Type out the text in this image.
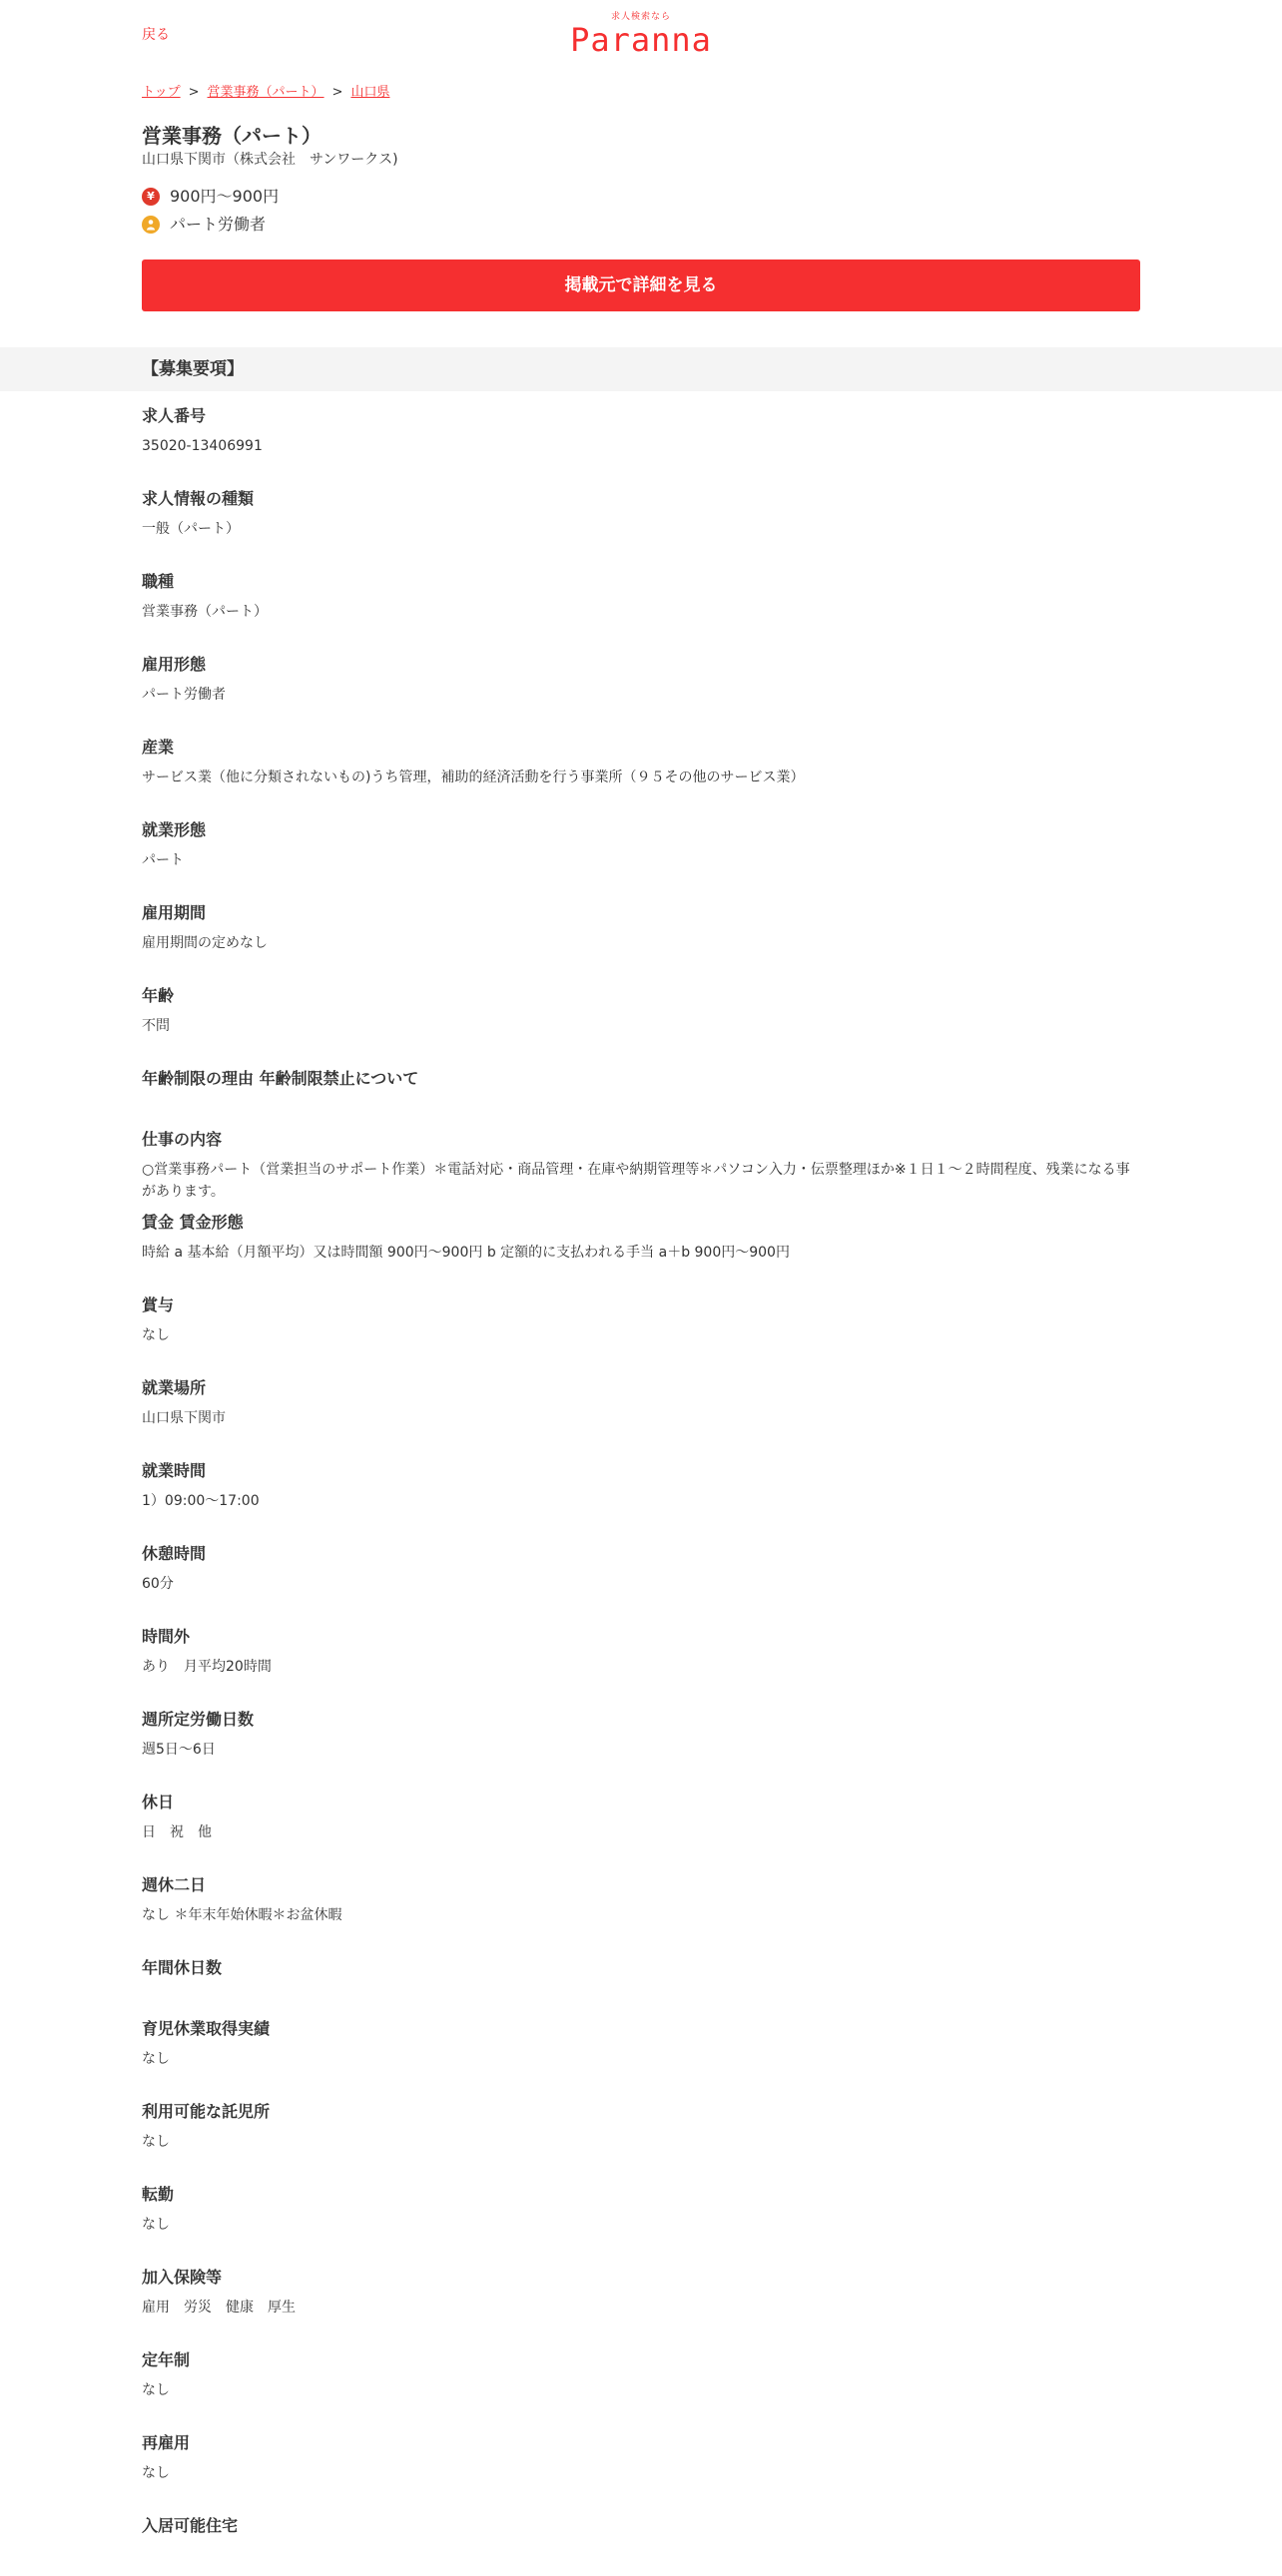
戻る
求人検索なら
Paranna
トップ > 営業事務（パート） > 山口県
営業事務（パート）
山口県下関市（株式会社　サンワークス)
¥ 900円～900円
パート労働者
掲載元で詳細を見る
【募集要項】
求人番号
35020-13406991
求人情報の種類
一般（パート）
職種
営業事務（パート）
雇用形態
パート労働者
産業
サービス業（他に分類されないもの)うち管理，補助的経済活動を行う事業所（９５その他のサービス業）
就業形態
パート
雇用期間
雇用期間の定めなし
年齢
不問
年齢制限の理由 年齢制限禁止について
仕事の内容
○営業事務パート（営業担当のサポート作業）＊電話対応・商品管理・在庫や納期管理等＊パソコン入力・伝票整理ほか※１日１～２時間程度、残業になる事があります。
賃金 賃金形態
時給 a 基本給（月額平均）又は時間額 900円～900円 b 定額的に支払われる手当 a＋b 900円～900円
賞与
なし
就業場所
山口県下関市
就業時間
1）09:00～17:00
休憩時間
60分
時間外
あり　月平均20時間
週所定労働日数
週5日～6日
休日
日　祝　他
週休二日
なし ＊年末年始休暇＊お盆休暇
年間休日数
育児休業取得実績
なし
利用可能な託児所
なし
転勤
なし
加入保険等
雇用　労災　健康　厚生
定年制
なし
再雇用
なし
入居可能住宅
